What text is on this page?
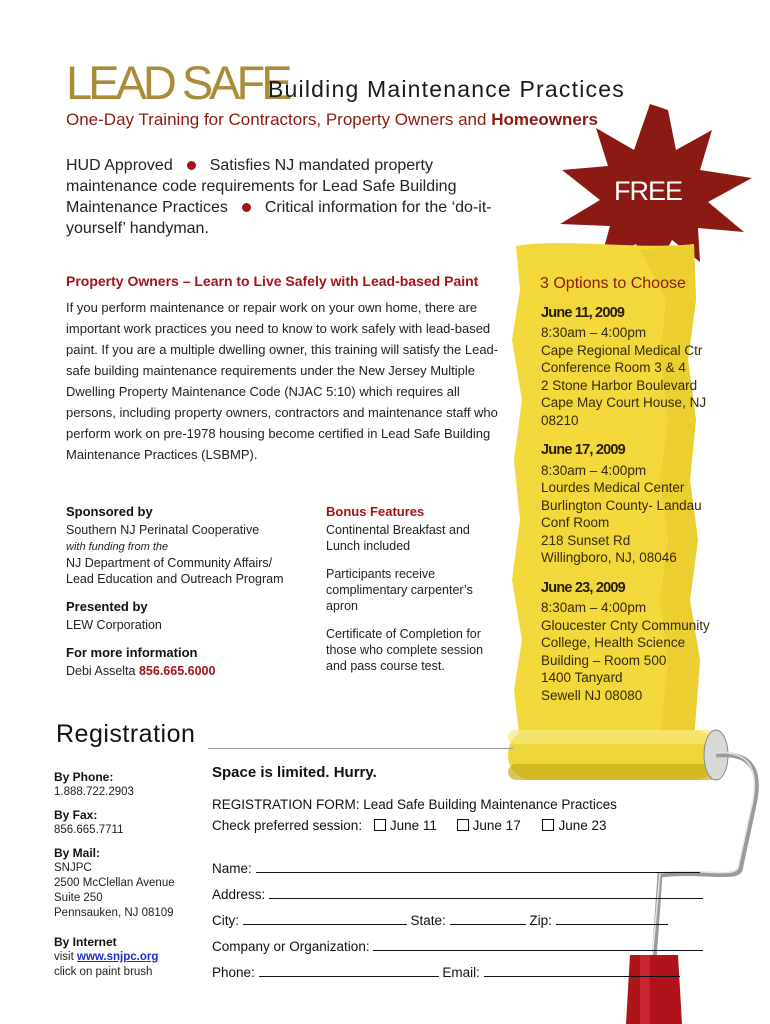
LEAD SAFE
Building Maintenance Practices
One-Day Training for Contractors, Property Owners and Homeowners
HUD Approved Satisfies NJ mandated property maintenance code requirements for Lead Safe Building Maintenance Practices Critical information for the ‘do-it-yourself’ handyman.
FREE
Property Owners – Learn to Live Safely with Lead-based Paint
If you perform maintenance or repair work on your own home, there are important work practices you need to know to work safely with lead-based paint. If you are a multiple dwelling owner, this training will satisfy the Lead-safe building maintenance requirements under the New Jersey Multiple Dwelling Property Maintenance Code (NJAC 5:10) which requires all persons, including property owners, contractors and maintenance staff who perform work on pre-1978 housing become certified in Lead Safe Building Maintenance Practices (LSBMP).
Sponsored by
Southern NJ Perinatal Cooperative
with funding from the
NJ Department of Community Affairs/
Lead Education and Outreach Program
Presented by
LEW Corporation
For more information
Debi Asselta 856.665.6000
Bonus Features
Continental Breakfast and Lunch included
Participants receive complimentary carpenter’s apron
Certificate of Completion for those who complete session and pass course test.
3 Options to Choose
June 11, 2009
8:30am – 4:00pm
Cape Regional Medical Ctr
Conference Room 3 & 4
2 Stone Harbor Boulevard
Cape May Court House, NJ
08210
June 17, 2009
8:30am – 4:00pm
Lourdes Medical Center
Burlington County- Landau
Conf Room
218 Sunset Rd
Willingboro, NJ, 08046
June 23, 2009
8:30am – 4:00pm
Gloucester Cnty Community
College, Health Science
Building – Room 500
1400 Tanyard
Sewell NJ 08080
Registration
By Phone:
1.888.722.2903
By Fax:
856.665.7711
By Mail:
SNJPC
2500 McClellan Avenue
Suite 250
Pennsauken, NJ 08109
By Internet
visit www.snjpc.org
click on paint brush
Space is limited. Hurry.
REGISTRATION FORM: Lead Safe Building Maintenance Practices
Check preferred session: June 11	June 17	June 23
Name:
Address:
City:	State:	Zip:
Company or Organization:
Phone:	Email:
